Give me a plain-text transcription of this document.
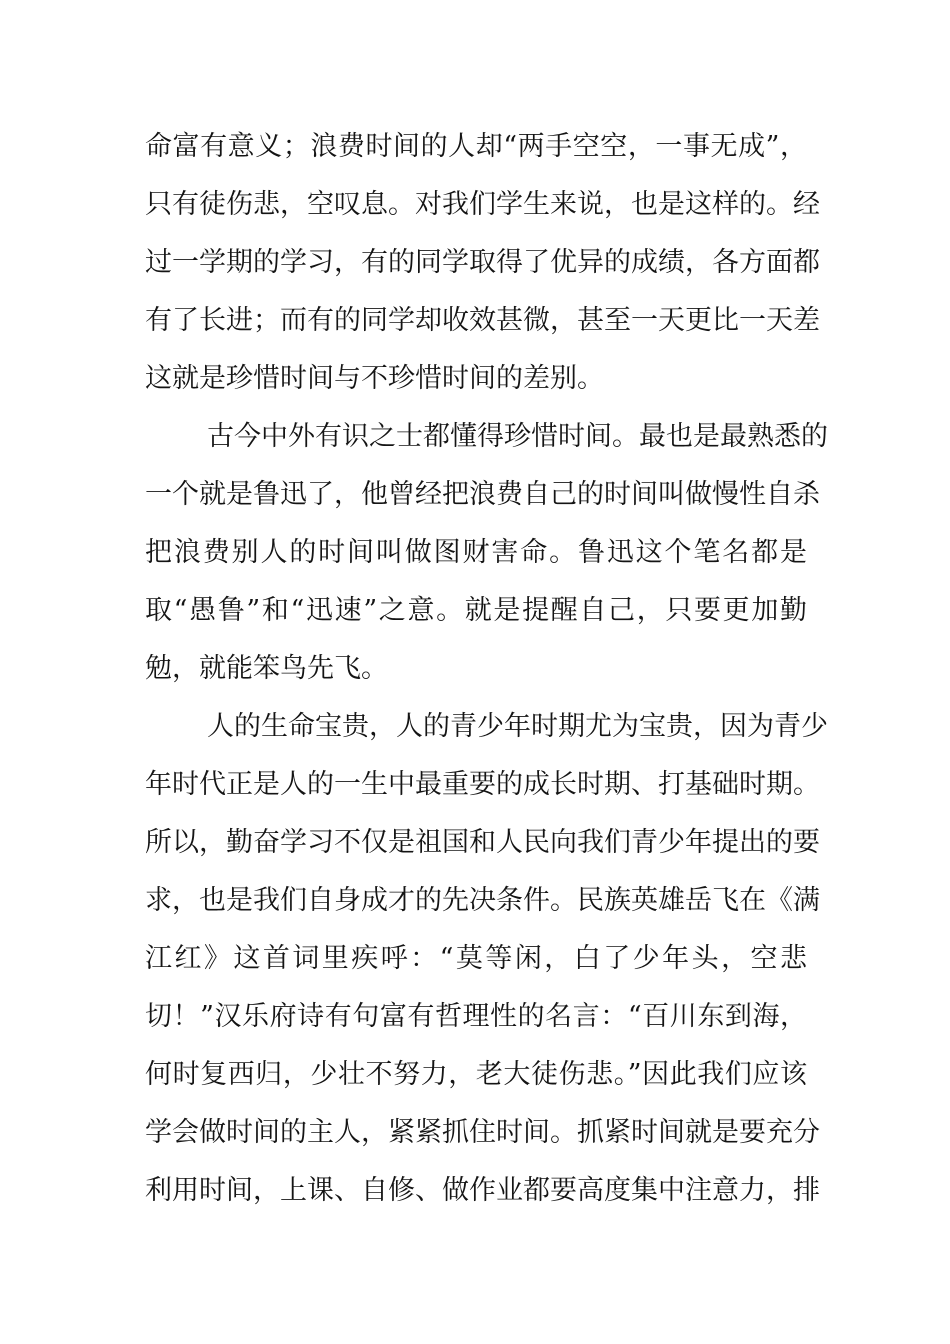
命富有意义；浪费时间的人却“两手空空，一事无成”，
只有徒伤悲，空叹息。对我们学生来说，也是这样的。经
过一学期的学习，有的同学取得了优异的成绩，各方面都
有了长进；而有的同学却收效甚微，甚至一天更比一天差
这就是珍惜时间与不珍惜时间的差别。
古今中外有识之士都懂得珍惜时间。最也是最熟悉的
一个就是鲁迅了，他曾经把浪费自己的时间叫做慢性自杀
把浪费别人的时间叫做图财害命。鲁迅这个笔名都是
取“愚鲁”和“迅速”之意。就是提醒自己，只要更加勤
勉，就能笨鸟先飞。
人的生命宝贵，人的青少年时期尤为宝贵，因为青少
年时代正是人的一生中最重要的成长时期、打基础时期。
所以，勤奋学习不仅是祖国和人民向我们青少年提出的要
求，也是我们自身成才的先决条件。民族英雄岳飞在《满
江红》这首词里疾呼：“莫等闲，白了少年头，空悲
切！”汉乐府诗有句富有哲理性的名言：“百川东到海，
何时复西归，少壮不努力，老大徒伤悲。”因此我们应该
学会做时间的主人，紧紧抓住时间。抓紧时间就是要充分
利用时间，上课、自修、做作业都要高度集中注意力，排
